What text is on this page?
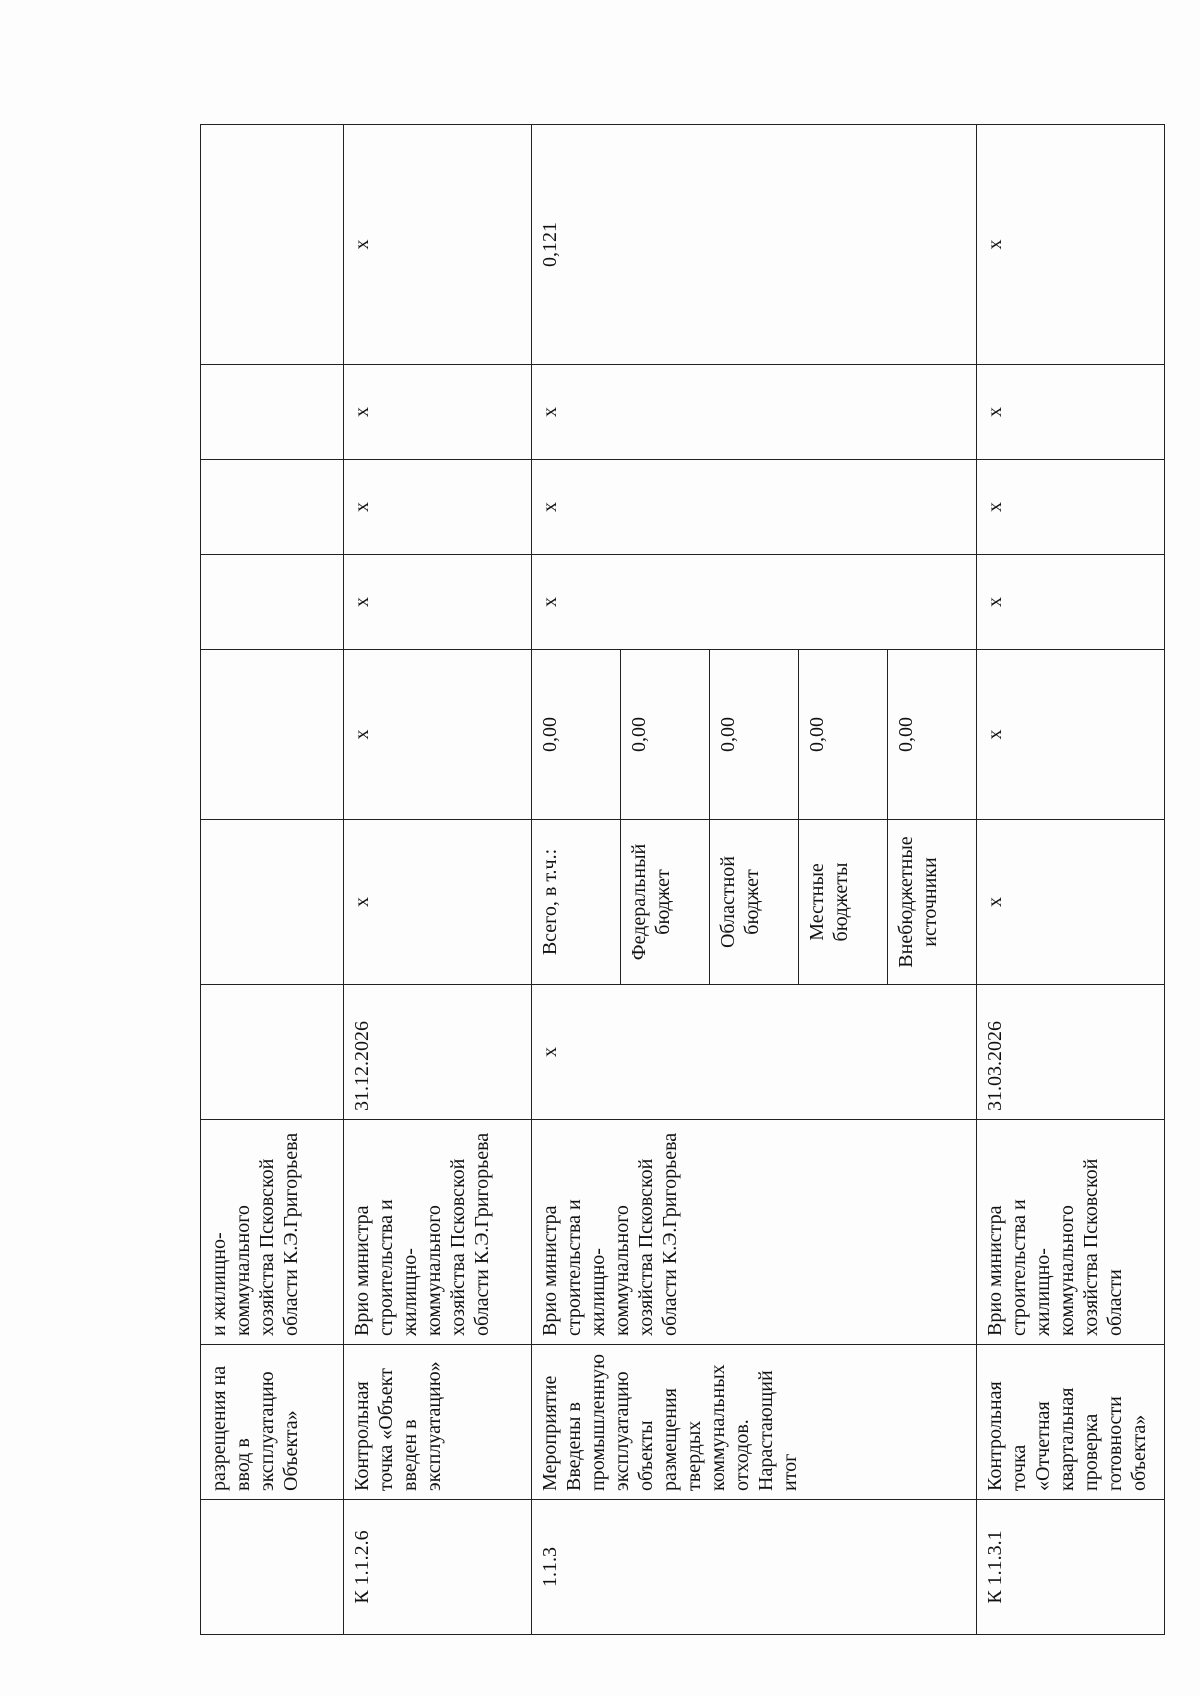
	разрещения на ввод в эксплуатацию Объекта»	и жилищно-коммунального хозяйства Псковской области К.Э.Григорьева							
К 1.1.2.6	Контрольная точка «Объект введен в эксплуатацию»	Врио министра строительства и жилищно-коммунального хозяйства Псковской области К.Э.Григорьева	31.12.2026	х	х	х	х	х	х
1.1.3	Мероприятие Введены в промышленную эксплуатацию объекты размещения твердых коммунальных отходов. Нарастающий итог	Врио министра строительства и жилищно-коммунального хозяйства Псковской области К.Э.Григорьева	х	Всего, в т.ч.:	0,00	х	х	х	0,121
				Федеральный бюджет	0,00				
				Областной бюджет	0,00				
				Местные бюджеты	0,00				
				Внебюджетные источники	0,00				
К 1.1.3.1	Контрольная точка «Отчетная квартальная проверка готовности объекта»	Врио министра строительства и жилищно-коммунального хозяйства Псковской области	31.03.2026	х	х	х	х	х	х
